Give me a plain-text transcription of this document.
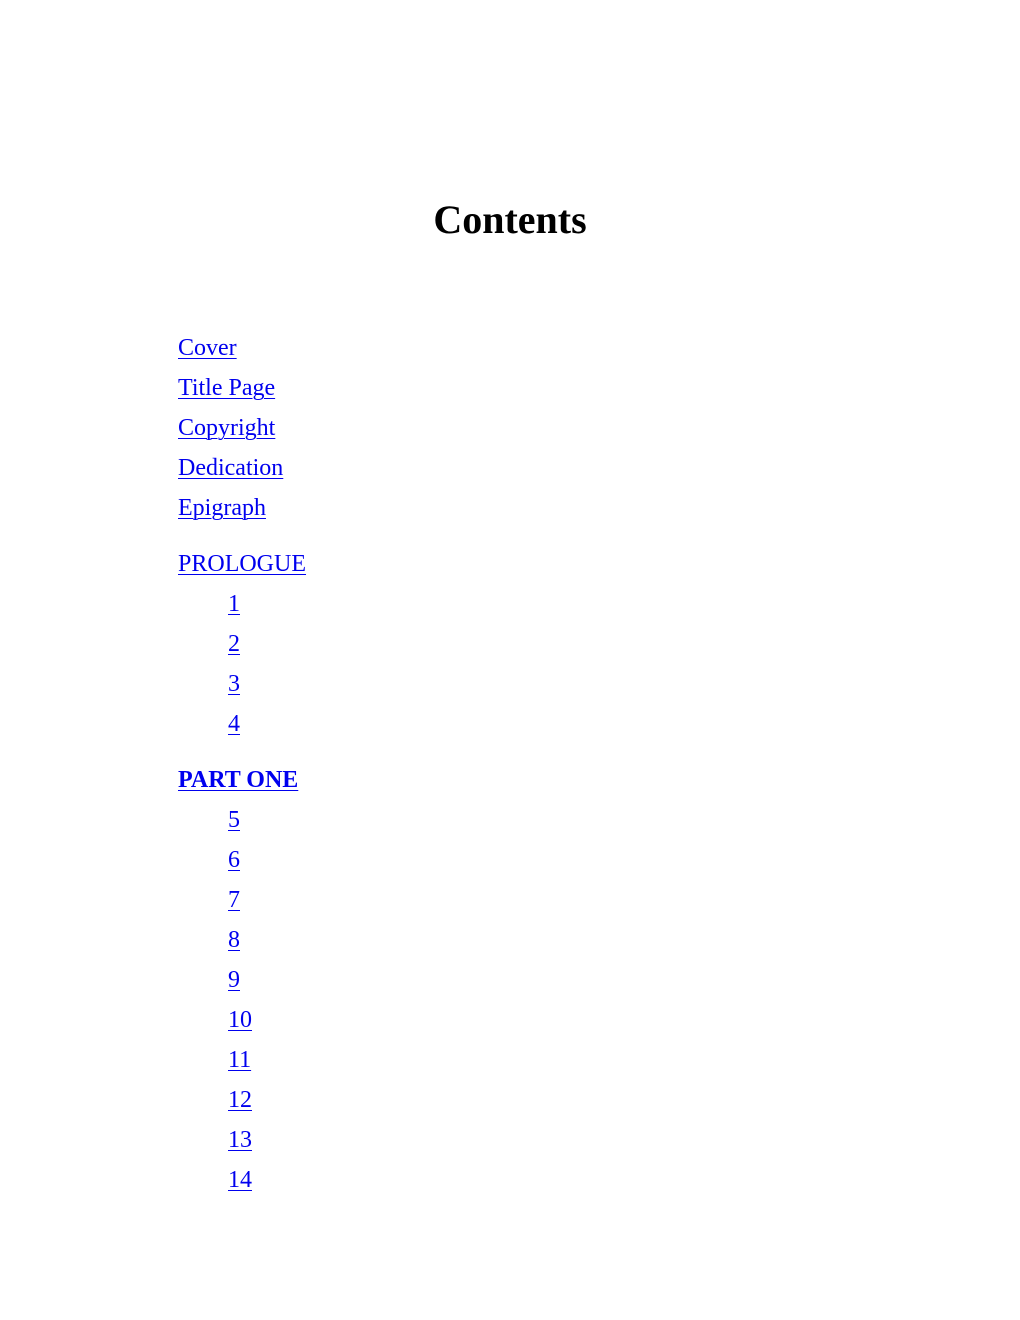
Contents
Cover
Title Page
Copyright
Dedication
Epigraph
PROLOGUE
1
2
3
4
PART ONE
5
6
7
8
9
10
11
12
13
14
